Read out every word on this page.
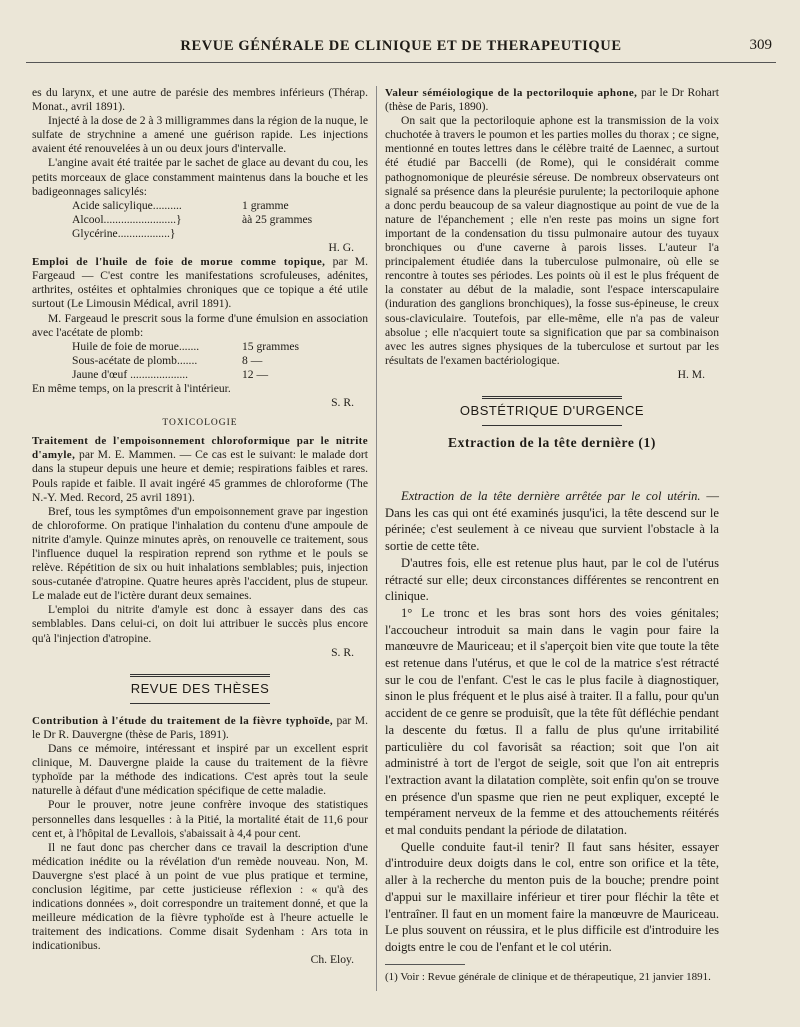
REVUE GÉNÉRALE DE CLINIQUE ET DE THERAPEUTIQUE	309

es du larynx, et une autre de parésie des membres inférieurs (Thérap. Monat., avril 1891).

Injecté à la dose de 2 à 3 milligrammes dans la région de la nuque, le sulfate de strychnine a amené une guérison rapide. Les injections avaient été renouvelées à un ou deux jours d'intervalle.

L'angine avait été traitée par le sachet de glace au devant du cou, les petits morceaux de glace constamment maintenus dans la bouche et les badigeonnages salicylés:

Acide salicylique..........	1 gramme
Alcool.........................}	àà 25 grammes
Glycérine..................}

H. G.

Emploi de l'huile de foie de morue comme topique, par M. Fargeaud — C'est contre les manifestations scrofuleuses, adénites, arthrites, ostéites et ophtalmies chroniques que ce topique a été utile surtout (Le Limousin Médical, avril 1891).

M. Fargeaud le prescrit sous la forme d'une émulsion en association avec l'acétate de plomb:

Huile de foie de morue.......	15 grammes
Sous-acétate de plomb.......	8 —
Jaune d'œuf ....................	12 —

En même temps, on la prescrit à l'intérieur.

S. R.

TOXICOLOGIE

Traitement de l'empoisonnement chloroformique par le nitrite d'amyle, par M. E. Mammen. — Ce cas est le suivant: le malade dort dans la stupeur depuis une heure et demie; respirations faibles et rares. Pouls rapide et faible. Il avait ingéré 45 grammes de chloroforme (The N.-Y. Med. Record, 25 avril 1891).

Bref, tous les symptômes d'un empoisonnement grave par ingestion de chloroforme. On pratique l'inhalation du contenu d'une ampoule de nitrite d'amyle. Quinze minutes après, on renouvelle ce traitement, sous l'influence duquel la respiration reprend son rythme et le pouls se relève. Répétition de six ou huit inhalations semblables; puis, injection sous-cutanée d'atropine. Quatre heures après l'accident, plus de stupeur. Le malade eut de l'ictère durant deux semaines.

L'emploi du nitrite d'amyle est donc à essayer dans des cas semblables. Dans celui-ci, on doit lui attribuer le succès plus encore qu'à l'injection d'atropine.

S. R.

REVUE DES THÈSES

Contribution à l'étude du traitement de la fièvre typhoïde, par M. le Dr R. Dauvergne (thèse de Paris, 1891).

Dans ce mémoire, intéressant et inspiré par un excellent esprit clinique, M. Dauvergne plaide la cause du traitement de la fièvre typhoïde par la méthode des indications. C'est après tout la seule naturelle à défaut d'une médication spécifique de cette maladie.

Pour le prouver, notre jeune confrère invoque des statistiques personnelles dans lesquelles : à la Pitié, la mortalité était de 11,6 pour cent et, à l'hôpital de Levallois, s'abaissait à 4,4 pour cent.

Il ne faut donc pas chercher dans ce travail la description d'une médication inédite ou la révélation d'un remède nouveau. Non, M. Dauvergne s'est placé à un point de vue plus pratique et termine, conclusion légitime, par cette justicieuse réflexion : « qu'à des indications données », doit correspondre un traitement donné, et que la meilleure médication de la fièvre typhoïde est à l'heure actuelle le traitement des indications. Comme disait Sydenham : Ars tota in indicationibus.

Ch. Eloy.

Valeur séméiologique de la pectoriloquie aphone, par le Dr Rohart (thèse de Paris, 1890).

On sait que la pectoriloquie aphone est la transmission de la voix chuchotée à travers le poumon et les parties molles du thorax ; ce signe, mentionné en toutes lettres dans le célèbre traité de Laennec, a surtout été étudié par Baccelli (de Rome), qui le considérait comme pathognomonique de pleurésie séreuse. De nombreux observateurs ont signalé sa présence dans la pleurésie purulente; la pectoriloquie aphone a donc perdu beaucoup de sa valeur diagnostique au point de vue de la nature de l'épanchement ; elle n'en reste pas moins un signe fort important de la condensation du tissu pulmonaire autour des tuyaux bronchiques ou d'une caverne à parois lisses. L'auteur l'a principalement étudiée dans la tuberculose pulmonaire, où elle se rencontre à toutes ses périodes. Les points où il est le plus fréquent de la constater au début de la maladie, sont l'espace interscapulaire (induration des ganglions bronchiques), la fosse sus-épineuse, le creux sous-claviculaire. Toutefois, par elle-même, elle n'a pas de valeur absolue ; elle n'acquiert toute sa signification que par sa combinaison avec les autres signes physiques de la tuberculose et surtout par les résultats de l'examen bactériologique.

H. M.

OBSTÉTRIQUE D'URGENCE
Extraction de la tête dernière (1)

Extraction de la tête dernière arrêtée par le col utérin. — Dans les cas qui ont été examinés jusqu'ici, la tête descend sur le périnée; c'est seulement à ce niveau que survient l'obstacle à la sortie de cette tête.

D'autres fois, elle est retenue plus haut, par le col de l'utérus rétracté sur elle; deux circonstances différentes se rencontrent en clinique.

1° Le tronc et les bras sont hors des voies génitales; l'accoucheur introduit sa main dans le vagin pour faire la manœuvre de Mauriceau; et il s'aperçoit bien vite que toute la tête est retenue dans l'utérus, et que le col de la matrice s'est rétracté sur le cou de l'enfant. C'est le cas le plus facile à diagnostiquer, sinon le plus fréquent et le plus aisé à traiter. Il a fallu, pour qu'un accident de ce genre se produisît, que la tête fût défléchie pendant la descente du fœtus. Il a fallu de plus qu'une irritabilité particulière du col favorisât sa réaction; soit que l'on ait administré à tort de l'ergot de seigle, soit que l'on ait entrepris l'extraction avant la dilatation complète, soit enfin qu'on se trouve en présence d'un spasme que rien ne peut expliquer, excepté le tempérament nerveux de la femme et des attouchements réitérés et mal conduits pendant la période de dilatation.

Quelle conduite faut-il tenir? Il faut sans hésiter, essayer d'introduire deux doigts dans le col, entre son orifice et la tête, aller à la recherche du menton puis de la bouche; prendre point d'appui sur le maxillaire inférieur et tirer pour fléchir la tête et l'entraîner. Il faut en un moment faire la manœuvre de Mauriceau. Le plus souvent on réussira, et le plus difficile est d'introduire les doigts entre le cou de l'enfant et le col utérin.

(1) Voir : Revue générale de clinique et de thérapeutique, 21 janvier 1891.
